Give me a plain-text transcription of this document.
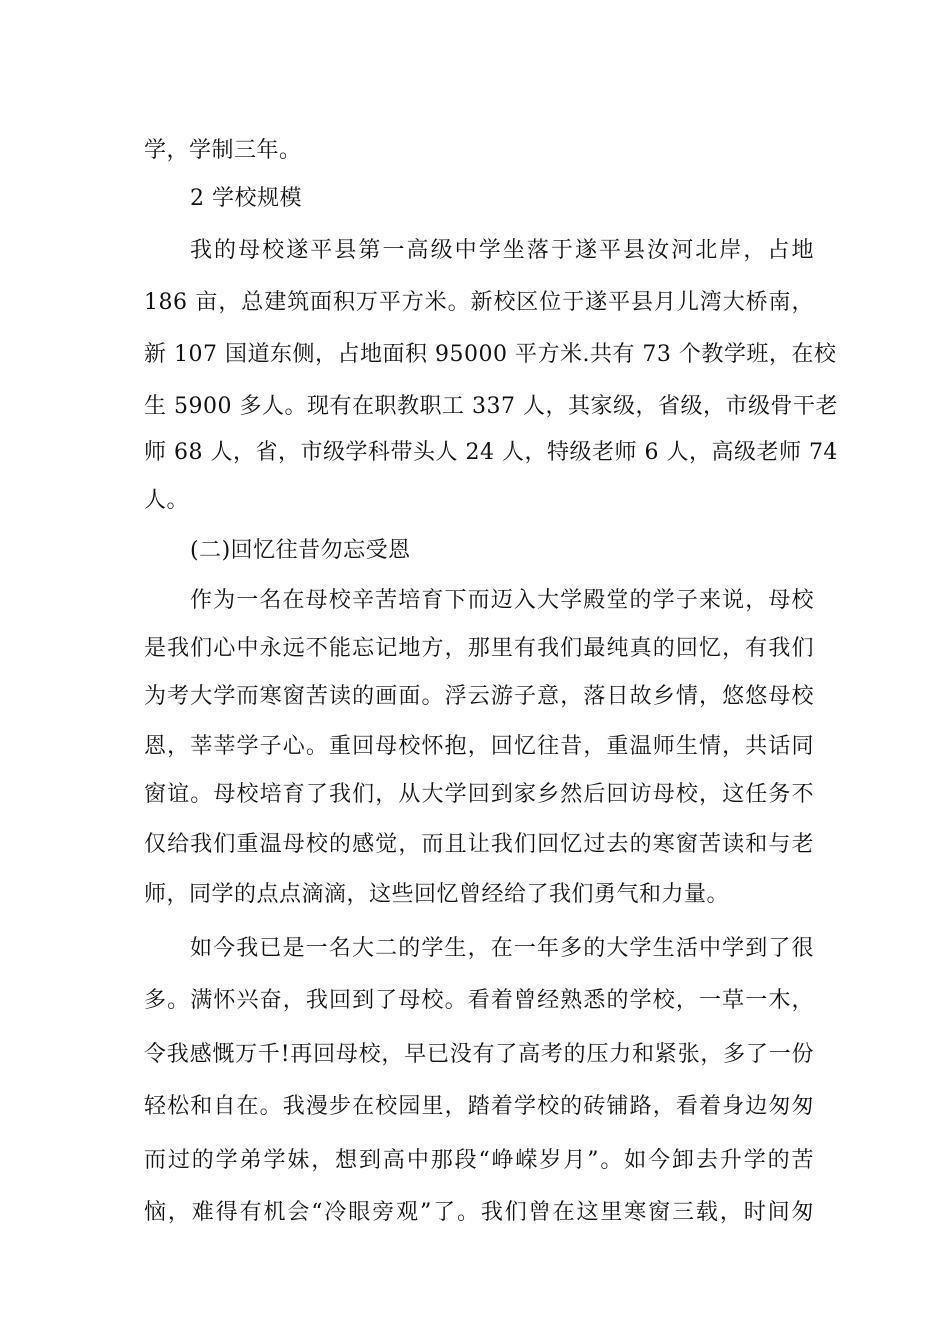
学，学制三年。
2 学校规模
我的母校遂平县第一高级中学坐落于遂平县汝河北岸，占地
186 亩，总建筑面积万平方米。新校区位于遂平县月儿湾大桥南，
新 107 国道东侧，占地面积 95000 平方米.共有 73 个教学班，在校
生 5900 多人。现有在职教职工 337 人，其家级，省级，市级骨干老
师 68 人，省，市级学科带头人 24 人，特级老师 6 人，高级老师 74
人。
(二)回忆往昔勿忘受恩
作为一名在母校辛苦培育下而迈入大学殿堂的学子来说，母校
是我们心中永远不能忘记地方，那里有我们最纯真的回忆，有我们
为考大学而寒窗苦读的画面。浮云游子意，落日故乡情，悠悠母校
恩，莘莘学子心。重回母校怀抱，回忆往昔，重温师生情，共话同
窗谊。母校培育了我们，从大学回到家乡然后回访母校，这任务不
仅给我们重温母校的感觉，而且让我们回忆过去的寒窗苦读和与老
师，同学的点点滴滴，这些回忆曾经给了我们勇气和力量。
如今我已是一名大二的学生，在一年多的大学生活中学到了很
多。满怀兴奋，我回到了母校。看着曾经熟悉的学校，一草一木，
令我感慨万千!再回母校，早已没有了高考的压力和紧张，多了一份
轻松和自在。我漫步在校园里，踏着学校的砖铺路，看着身边匆匆
而过的学弟学妹，想到高中那段“峥嵘岁月”。如今卸去升学的苦
恼，难得有机会“冷眼旁观”了。我们曾在这里寒窗三载，时间匆
